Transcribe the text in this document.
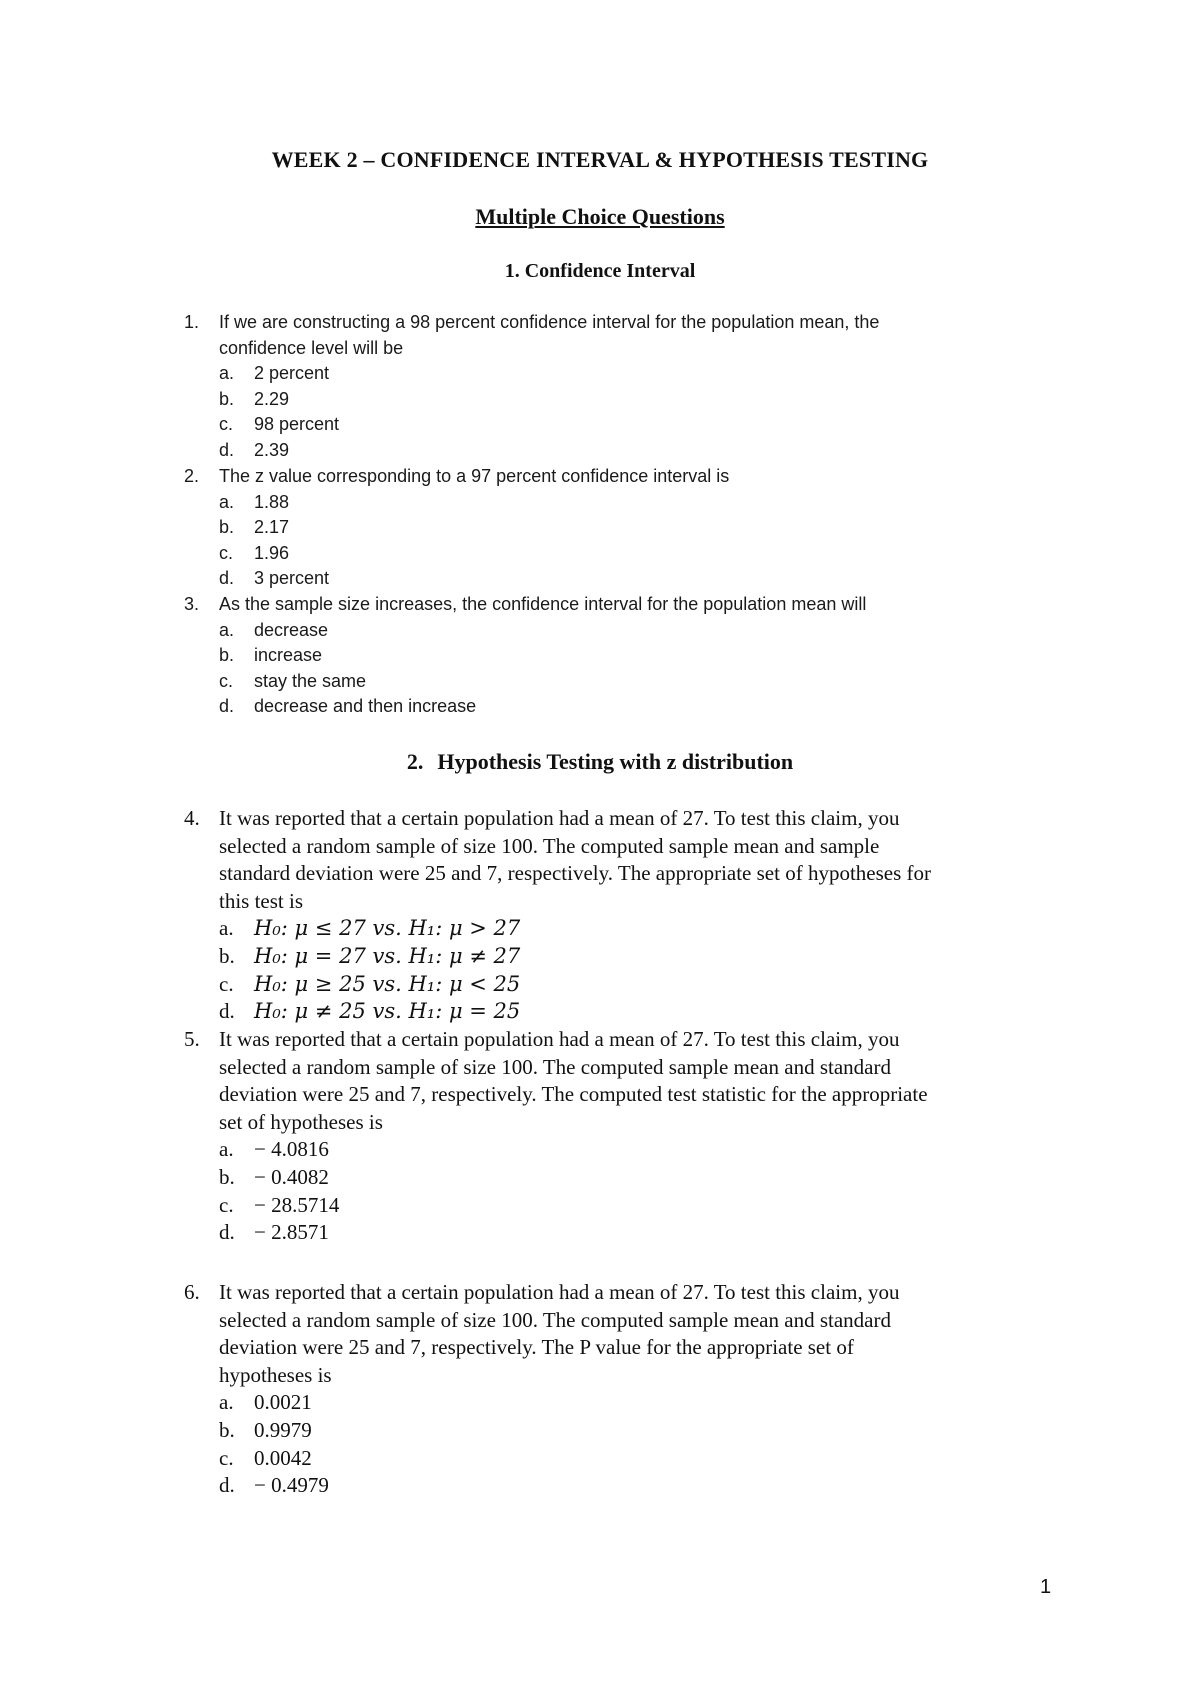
WEEK 2 – CONFIDENCE INTERVAL & HYPOTHESIS TESTING
Multiple Choice Questions
1. Confidence Interval
1. If we are constructing a 98 percent confidence interval for the population mean, the
confidence level will be
a.	2 percent
b.	2.29
c.	98 percent
d.	2.39
2. The z value corresponding to a 97 percent confidence interval is
a.	1.88
b.	2.17
c.	1.96
d.	3 percent
3. As the sample size increases, the confidence interval for the population mean will
a.	decrease
b.	increase
c.	stay the same
d.	decrease and then increase
2. Hypothesis Testing with z distribution
4. It was reported that a certain population had a mean of 27. To test this claim, you
selected a random sample of size 100. The computed sample mean and sample
standard deviation were 25 and 7, respectively. The appropriate set of hypotheses for
this test is
a. H₀: μ ≤ 27 vs. H₁: μ > 27
b. H₀: μ = 27 vs. H₁: μ ≠ 27
c. H₀: μ ≥ 25 vs. H₁: μ < 25
d. H₀: μ ≠ 25 vs. H₁: μ = 25
5. It was reported that a certain population had a mean of 27. To test this claim, you
selected a random sample of size 100. The computed sample mean and standard
deviation were 25 and 7, respectively. The computed test statistic for the appropriate
set of hypotheses is
a. − 4.0816
b. − 0.4082
c. − 28.5714
d. − 2.8571
6. It was reported that a certain population had a mean of 27. To test this claim, you
selected a random sample of size 100. The computed sample mean and standard
deviation were 25 and 7, respectively. The P value for the appropriate set of
hypotheses is
a. 0.0021
b. 0.9979
c. 0.0042
d. − 0.4979
1
